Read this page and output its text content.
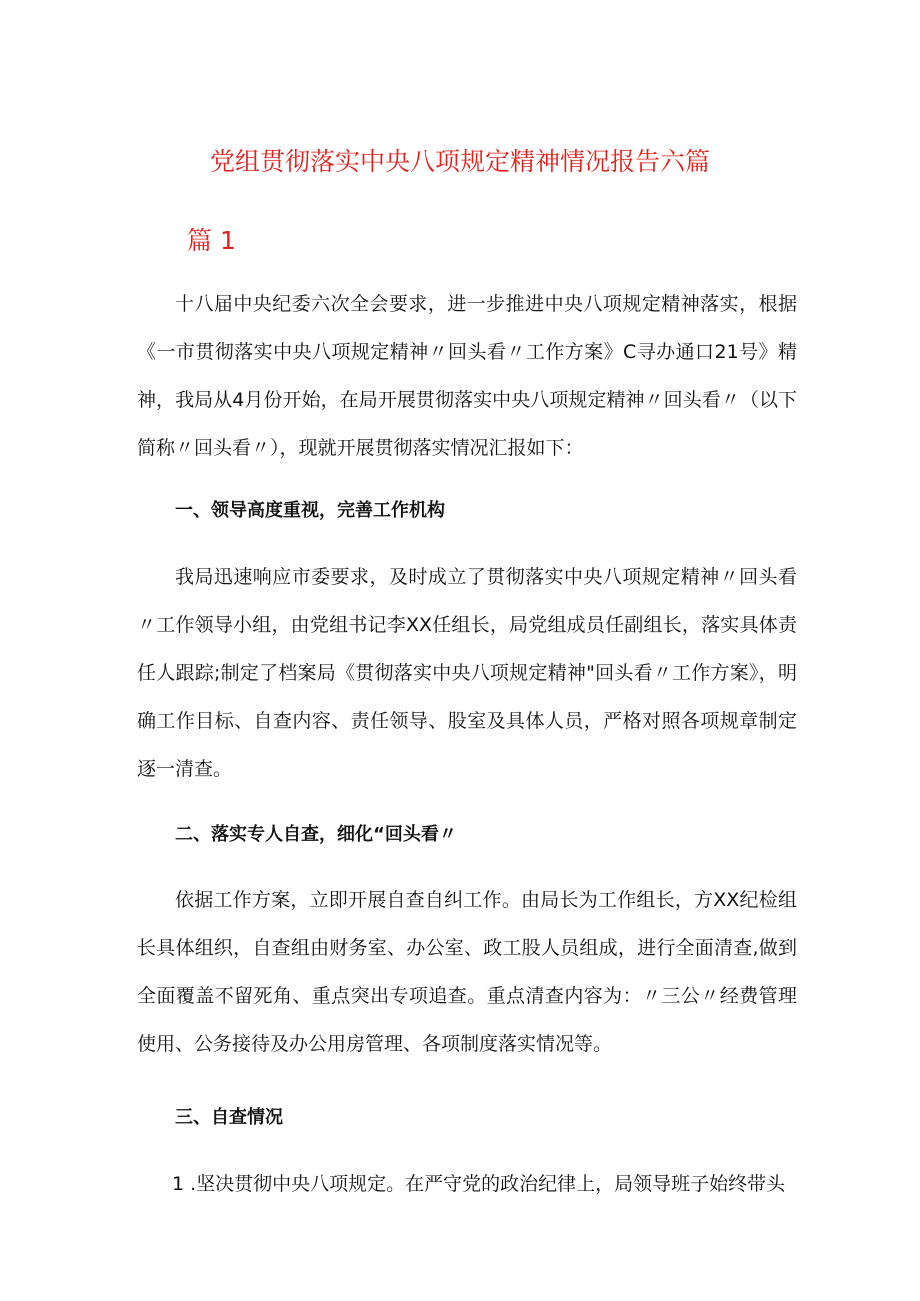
党组贯彻落实中央八项规定精神情况报告六篇
篇 1
十八届中央纪委六次全会要求，进一步推进中央八项规定精神落实，根据《一市贯彻落实中央八项规定精神〃回头看〃工作方案》C寻办通口21号》精神，我局从4月份开始，在局开展贯彻落实中央八项规定精神〃回头看〃（以下简称〃回头看〃），现就开展贯彻落实情况汇报如下：
一、领导高度重视，完善工作机构
我局迅速响应市委要求，及时成立了贯彻落实中央八项规定精神〃回头看〃工作领导小组，由党组书记李XX任组长，局党组成员任副组长，落实具体责任人跟踪;制定了档案局《贯彻落实中央八项规定精神"回头看〃工作方案》，明确工作目标、自查内容、责任领导、股室及具体人员，严格对照各项规章制定逐一清查。
二、落实专人自查，细化“回头看〃
依据工作方案，立即开展自查自纠工作。由局长为工作组长，方XX纪检组长具体组织，自查组由财务室、办公室、政工股人员组成，进行全面清查,做到全面覆盖不留死角、重点突出专项追查。重点清查内容为：〃三公〃经费管理使用、公务接待及办公用房管理、各项制度落实情况等。
三、自查情况
1 .坚决贯彻中央八项规定。在严守党的政治纪律上，局领导班子始终带头
